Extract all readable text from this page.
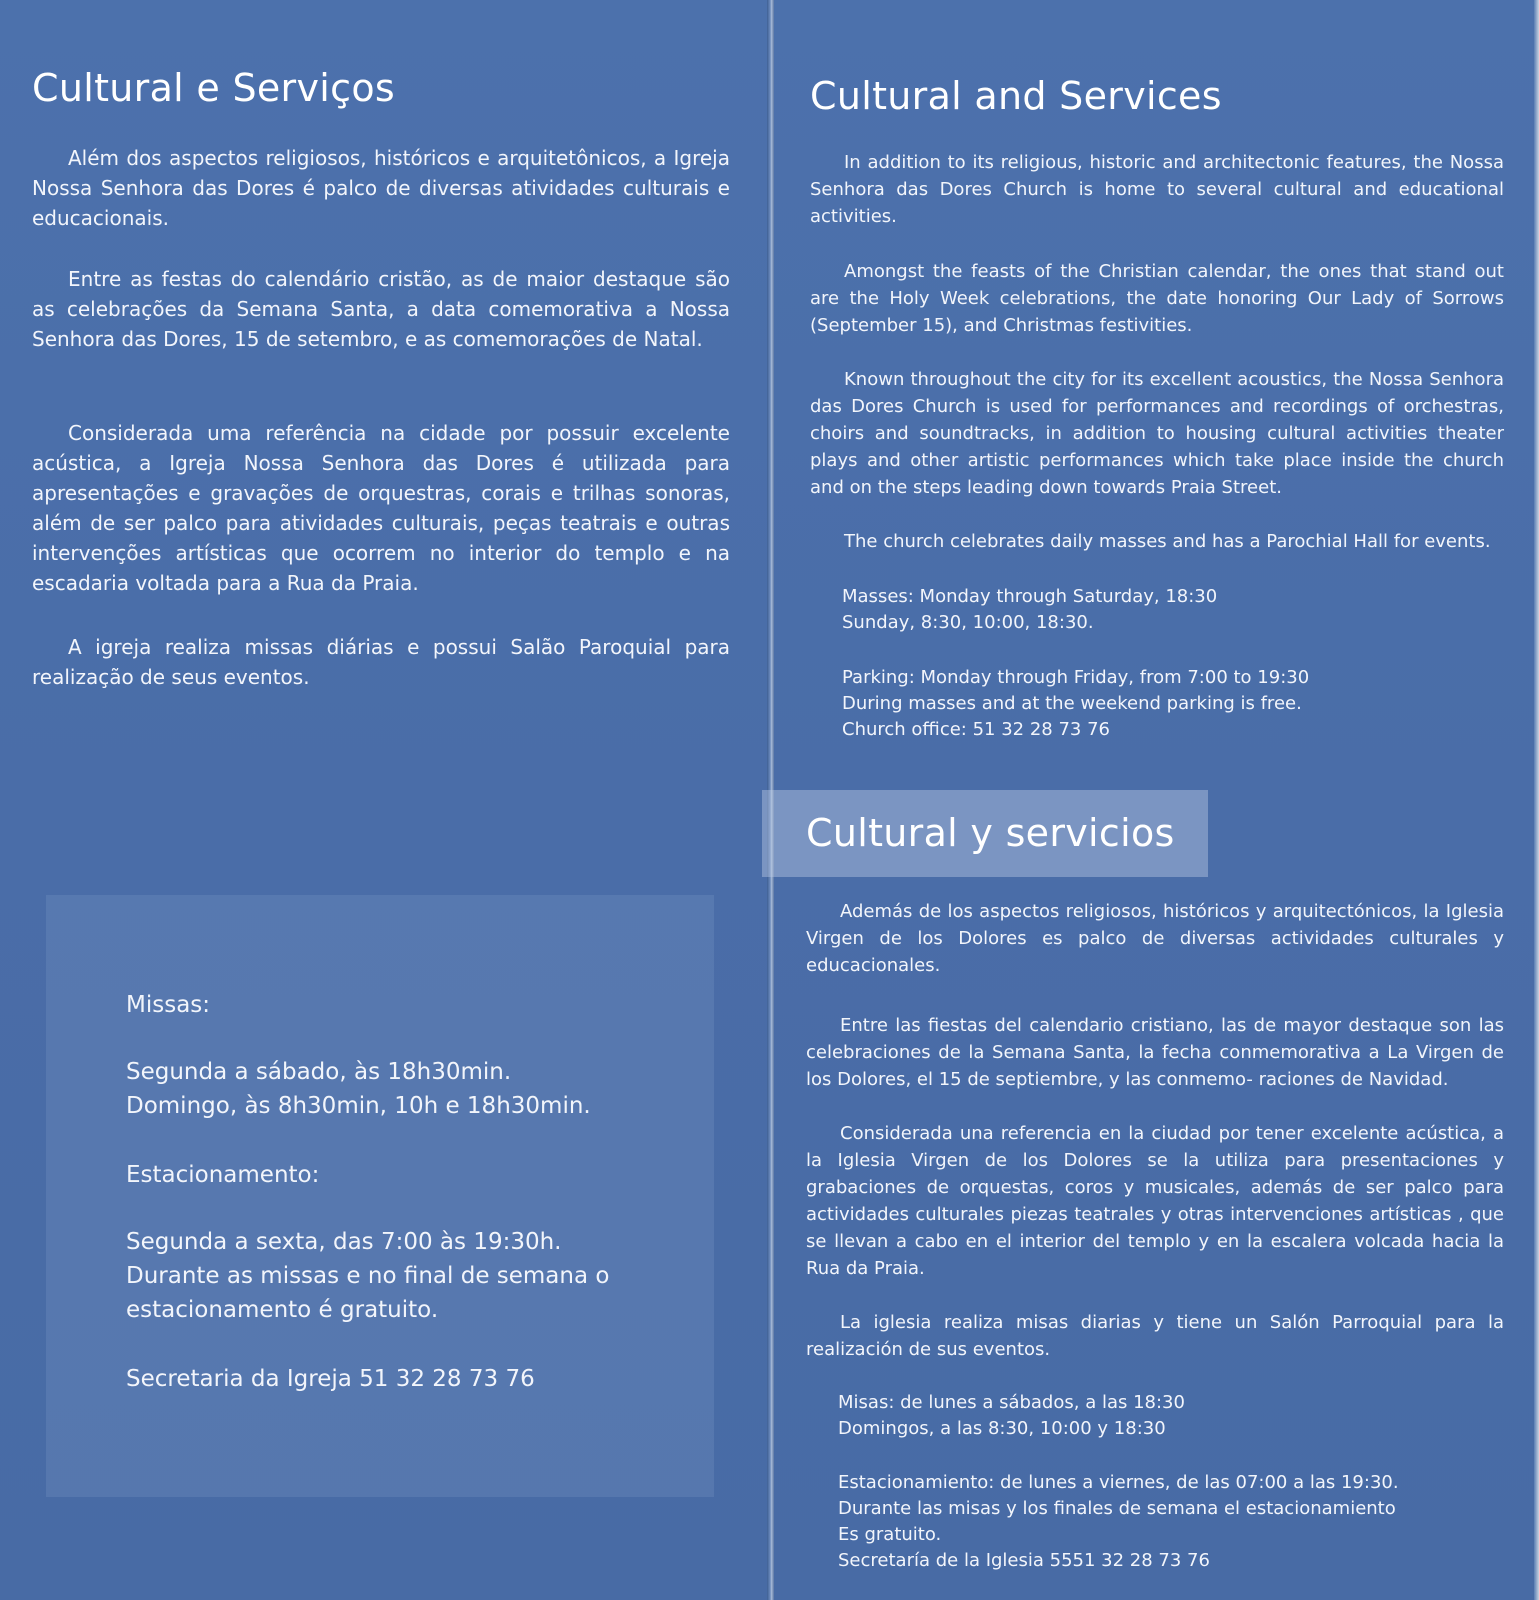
Cultural e Serviços

Além dos aspectos religiosos, históricos e arquitetônicos, a Igreja Nossa Senhora das Dores é palco de diversas atividades culturais e educacionais.

Entre as festas do calendário cristão, as de maior destaque são as celebrações da Semana Santa, a data comemorativa a Nossa Senhora das Dores, 15 de setembro, e as comemorações de Natal.

Considerada uma referência na cidade por possuir excelente acústica, a Igreja Nossa Senhora das Dores é utilizada para apresentações e gravações de orquestras, corais e trilhas sonoras, além de ser palco para atividades culturais, peças teatrais e outras intervenções artísticas que ocorrem no interior do templo e na escadaria voltada para a Rua da Praia.

A igreja realiza missas diárias e possui Salão Paroquial para realização de seus eventos.

Missas:

Segunda a sábado, às 18h30min.
Domingo, às 8h30min, 10h e 18h30min.

Estacionamento:

Segunda a sexta, das 7:00 às 19:30h.
Durante as missas e no final de semana o
estacionamento é gratuito.

Secretaria da Igreja 51 32 28 73 76

Cultural and Services

In addition to its religious, historic and architectonic features, the Nossa Senhora das Dores Church is home to several cultural and educational activities.

Amongst the feasts of the Christian calendar, the ones that stand out are the Holy Week celebrations, the date honoring Our Lady of Sorrows (September 15), and Christmas festivities.

Known throughout the city for its excellent acoustics, the Nossa Senhora das Dores Church is used for performances and recordings of orchestras, choirs and soundtracks, in addition to housing cultural activities theater plays and other artistic performances which take place inside the church and on the steps leading down towards Praia Street.

The church celebrates daily masses and has a Parochial Hall for events.

Masses: Monday through Saturday, 18:30
Sunday, 8:30, 10:00, 18:30.
Parking: Monday through Friday, from 7:00 to 19:30
During masses and at the weekend parking is free.
Church office: 51 32 28 73 76
Cultural y servicios

Además de los aspectos religiosos, históricos y arquitectónicos, la Iglesia Virgen de los Dolores es palco de diversas actividades culturales y educacionales.

Entre las fiestas del calendario cristiano, las de mayor destaque son las celebraciones de la Semana Santa, la fecha conmemorativa a La Virgen de los Dolores, el 15 de septiembre, y las conmemo- raciones de Navidad.

Considerada una referencia en la ciudad por tener excelente acústica, a la Iglesia Virgen de los Dolores se la utiliza para presentaciones y grabaciones de orquestas, coros y musicales, además de ser palco para actividades culturales piezas teatrales y otras intervenciones artísticas , que se llevan a cabo en el interior del templo y en la escalera volcada hacia la Rua da Praia.

La iglesia realiza misas diarias y tiene un Salón Parroquial para la realización de sus eventos.

Misas: de lunes a sábados, a las 18:30
Domingos, a las 8:30, 10:00 y 18:30
Estacionamiento: de lunes a viernes, de las 07:00 a las 19:30.
Durante las misas y los finales de semana el estacionamiento
Es gratuito.
Secretaría de la Iglesia 5551 32 28 73 76
